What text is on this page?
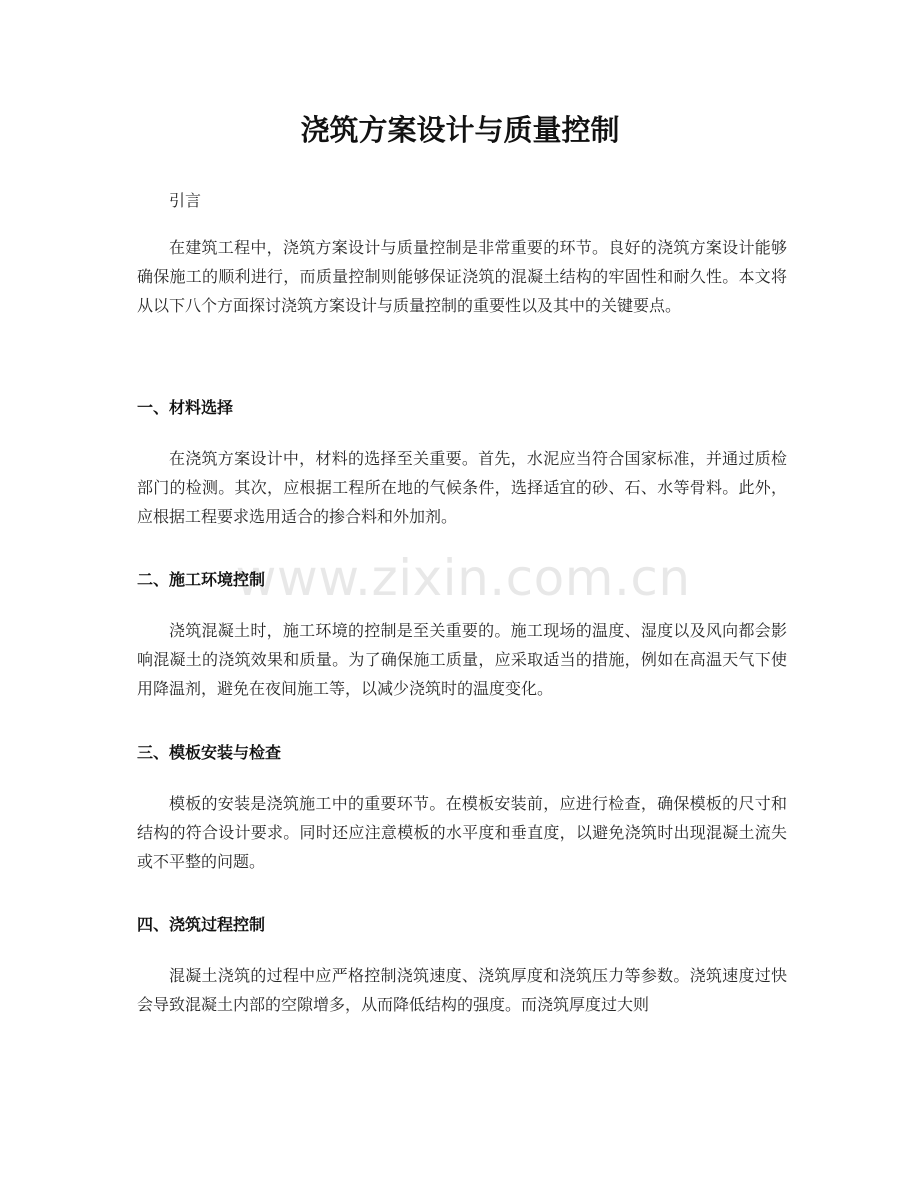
www.zixin.com.cn
浇筑方案设计与质量控制

引言

在建筑工程中，浇筑方案设计与质量控制是非常重要的环节。良好的浇筑方案设计能够确保施工的顺利进行，而质量控制则能够保证浇筑的混凝土结构的牢固性和耐久性。本文将从以下八个方面探讨浇筑方案设计与质量控制的重要性以及其中的关键要点。

一、材料选择

在浇筑方案设计中，材料的选择至关重要。首先，水泥应当符合国家标准，并通过质检部门的检测。其次，应根据工程所在地的气候条件，选择适宜的砂、石、水等骨料。此外，应根据工程要求选用适合的掺合料和外加剂。

二、施工环境控制

浇筑混凝土时，施工环境的控制是至关重要的。施工现场的温度、湿度以及风向都会影响混凝土的浇筑效果和质量。为了确保施工质量，应采取适当的措施，例如在高温天气下使用降温剂，避免在夜间施工等，以减少浇筑时的温度变化。

三、模板安装与检查

模板的安装是浇筑施工中的重要环节。在模板安装前，应进行检查，确保模板的尺寸和结构的符合设计要求。同时还应注意模板的水平度和垂直度，以避免浇筑时出现混凝土流失或不平整的问题。

四、浇筑过程控制

混凝土浇筑的过程中应严格控制浇筑速度、浇筑厚度和浇筑压力等参数。浇筑速度过快会导致混凝土内部的空隙增多，从而降低结构的强度。而浇筑厚度过大则
